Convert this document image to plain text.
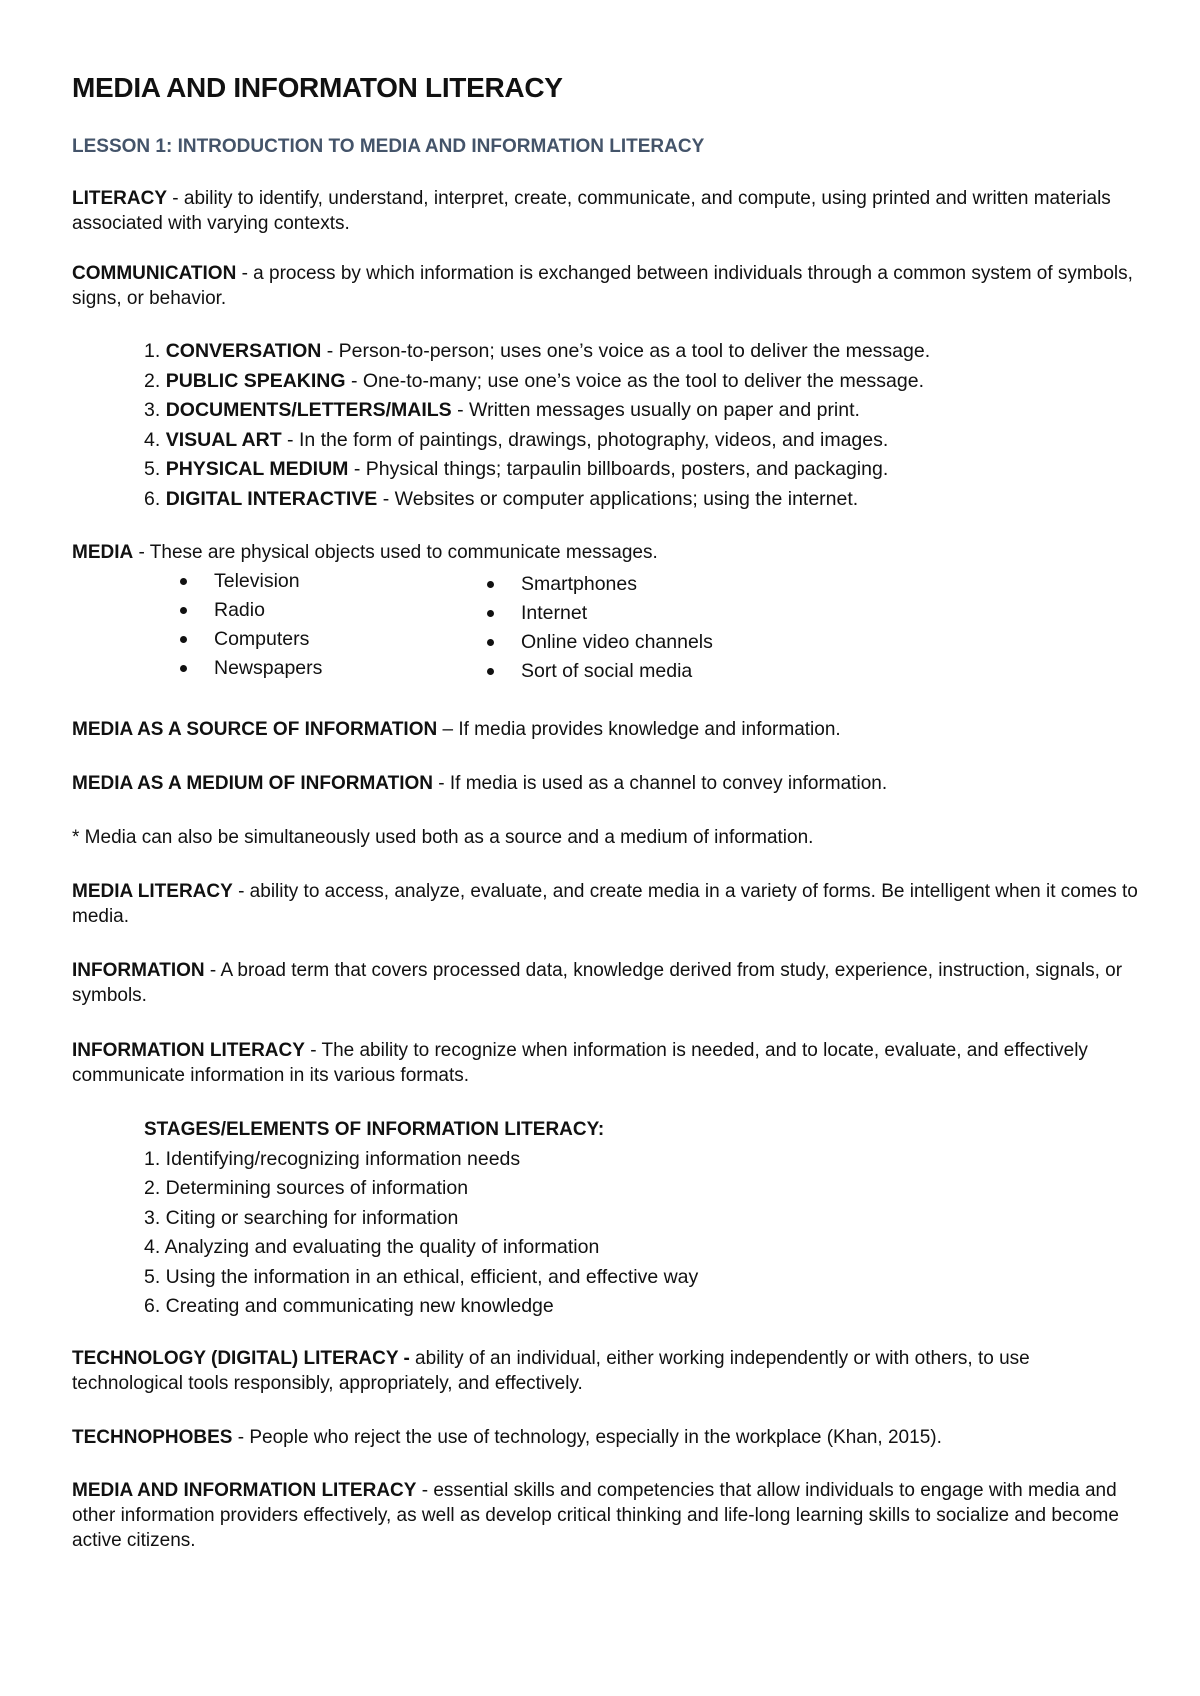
MEDIA AND INFORMATON LITERACY
LESSON 1: INTRODUCTION TO MEDIA AND INFORMATION LITERACY
LITERACY - ability to identify, understand, interpret, create, communicate, and compute, using printed and written materials associated with varying contexts.
COMMUNICATION - a process by which information is exchanged between individuals through a common system of symbols, signs, or behavior.
1. CONVERSATION - Person-to-person; uses one’s voice as a tool to deliver the message.
2. PUBLIC SPEAKING - One-to-many; use one’s voice as the tool to deliver the message.
3. DOCUMENTS/LETTERS/MAILS - Written messages usually on paper and print.
4. VISUAL ART - In the form of paintings, drawings, photography, videos, and images.
5. PHYSICAL MEDIUM - Physical things; tarpaulin billboards, posters, and packaging.
6. DIGITAL INTERACTIVE - Websites or computer applications; using the internet.
MEDIA - These are physical objects used to communicate messages.
Television
Radio
Computers
Newspapers
Smartphones
Internet
Online video channels
Sort of social media
MEDIA AS A SOURCE OF INFORMATION – If media provides knowledge and information.
MEDIA AS A MEDIUM OF INFORMATION - If media is used as a channel to convey information.
* Media can also be simultaneously used both as a source and a medium of information.
MEDIA LITERACY - ability to access, analyze, evaluate, and create media in a variety of forms. Be intelligent when it comes to media.
INFORMATION - A broad term that covers processed data, knowledge derived from study, experience, instruction, signals, or symbols.
INFORMATION LITERACY - The ability to recognize when information is needed, and to locate, evaluate, and effectively communicate information in its various formats.
STAGES/ELEMENTS OF INFORMATION LITERACY:
1. Identifying/recognizing information needs
2. Determining sources of information
3. Citing or searching for information
4. Analyzing and evaluating the quality of information
5. Using the information in an ethical, efficient, and effective way
6. Creating and communicating new knowledge
TECHNOLOGY (DIGITAL) LITERACY - ability of an individual, either working independently or with others, to use technological tools responsibly, appropriately, and effectively.
TECHNOPHOBES - People who reject the use of technology, especially in the workplace (Khan, 2015).
MEDIA AND INFORMATION LITERACY - essential skills and competencies that allow individuals to engage with media and other information providers effectively, as well as develop critical thinking and life-long learning skills to socialize and become active citizens.
